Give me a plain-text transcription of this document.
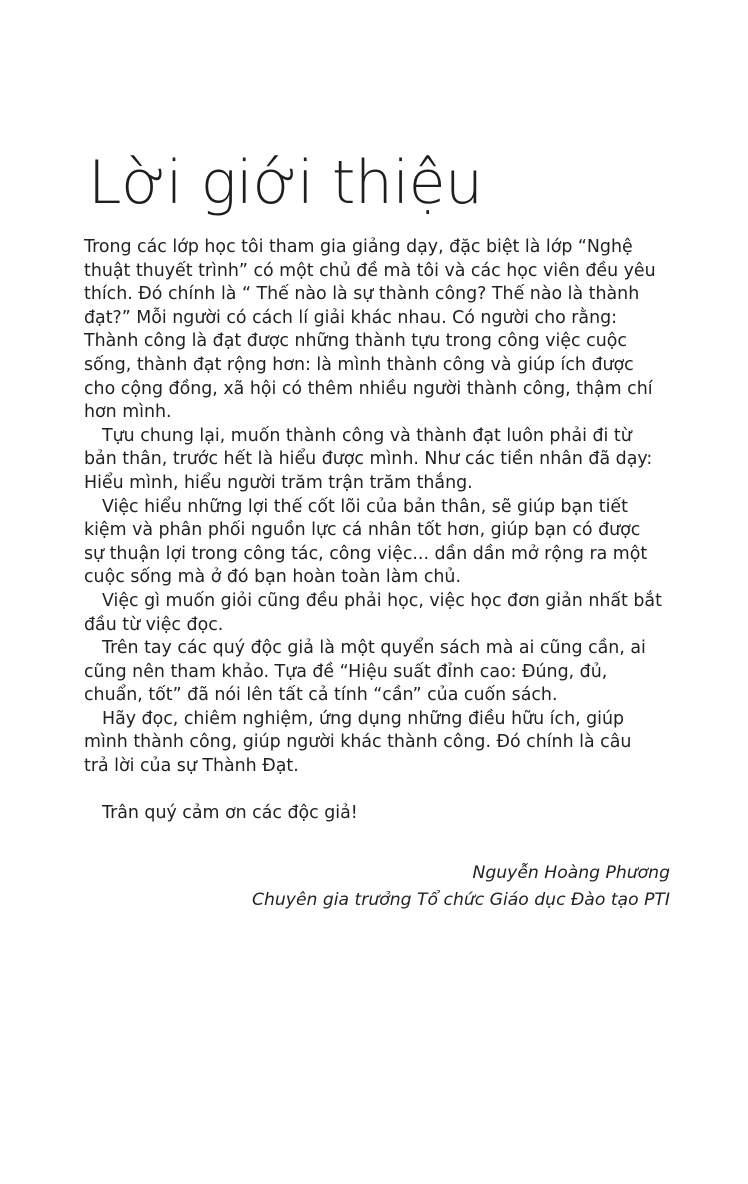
Lời giới thiệu
Trong các lớp học tôi tham gia giảng dạy, đặc biệt là lớp “Nghệ
thuật thuyết trình” có một chủ đề mà tôi và các học viên đều yêu
thích. Đó chính là “ Thế nào là sự thành công? Thế nào là thành
đạt?” Mỗi người có cách lí giải khác nhau. Có người cho rằng:
Thành công là đạt được những thành tựu trong công việc cuộc
sống, thành đạt rộng hơn: là mình thành công và giúp ích được
cho cộng đồng, xã hội có thêm nhiều người thành công, thậm chí
hơn mình.
Tựu chung lại, muốn thành công và thành đạt luôn phải đi từ
bản thân, trước hết là hiểu được mình. Như các tiền nhân đã dạy:
Hiểu mình, hiểu người trăm trận trăm thắng.
Việc hiểu những lợi thế cốt lõi của bản thân, sẽ giúp bạn tiết
kiệm và phân phối nguồn lực cá nhân tốt hơn, giúp bạn có được
sự thuận lợi trong công tác, công việc... dần dần mở rộng ra một
cuộc sống mà ở đó bạn hoàn toàn làm chủ.
Việc gì muốn giỏi cũng đều phải học, việc học đơn giản nhất bắt
đầu từ việc đọc.
Trên tay các quý độc giả là một quyển sách mà ai cũng cần, ai
cũng nên tham khảo. Tựa đề “Hiệu suất đỉnh cao: Đúng, đủ,
chuẩn, tốt” đã nói lên tất cả tính “cần” của cuốn sách.
Hãy đọc, chiêm nghiệm, ứng dụng những điều hữu ích, giúp
mình thành công, giúp người khác thành công. Đó chính là câu
trả lời của sự Thành Đạt.
Trân quý cảm ơn các độc giả!
Nguyễn Hoàng Phương
Chuyên gia trưởng Tổ chức Giáo dục Đào tạo PTI
